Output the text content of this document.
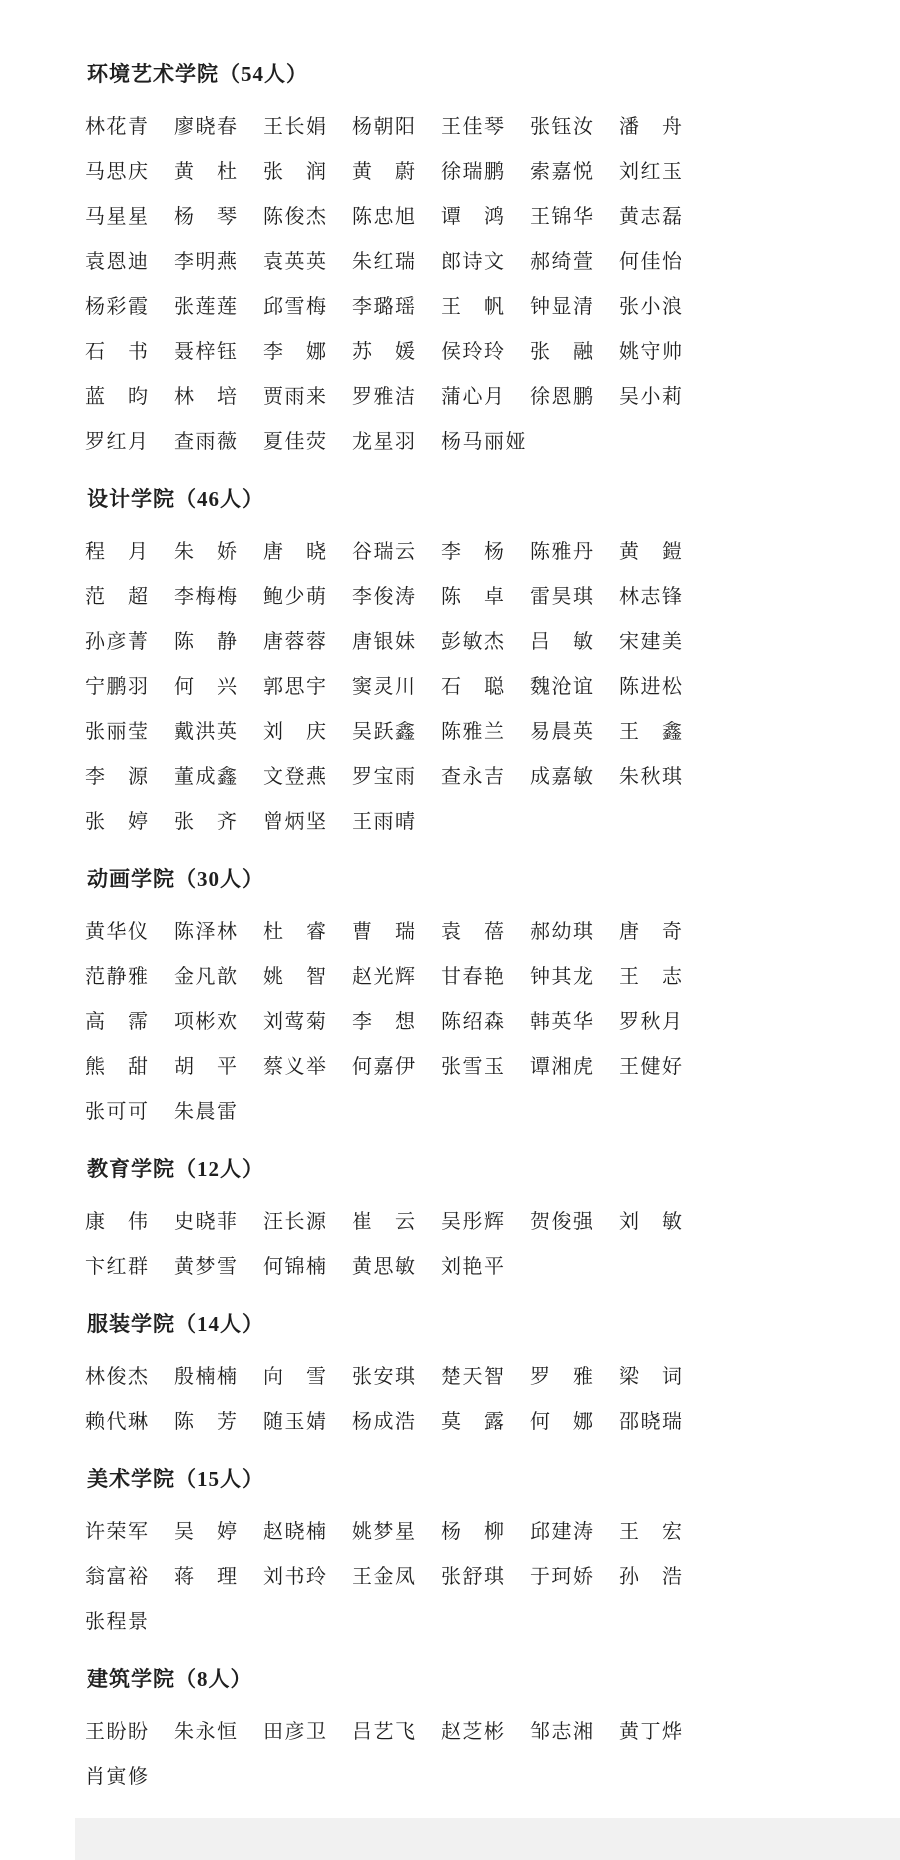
环境艺术学院（54人）
林花青	廖晓春	王长娟	杨朝阳	王佳琴	张钰汝	潘　舟
马思庆	黄　杜	张　润	黄　蔚	徐瑞鹏	索嘉悦	刘红玉
马星星	杨　琴	陈俊杰	陈忠旭	谭　鸿	王锦华	黄志磊
袁恩迪	李明燕	袁英英	朱红瑞	郎诗文	郝绮萱	何佳怡
杨彩霞	张莲莲	邱雪梅	李璐瑶	王　帆	钟显清	张小浪
石　书	聂梓钰	李　娜	苏　媛	侯玲玲	张　融	姚守帅
蓝　昀	林　培	贾雨来	罗雅洁	蒲心月	徐恩鹏	吴小莉
罗红月	查雨薇	夏佳荧	龙星羽	杨马丽娅
设计学院（46人）
程　月	朱　娇	唐　晓	谷瑞云	李　杨	陈雅丹	黄　鎧
范　超	李梅梅	鲍少萌	李俊涛	陈　卓	雷昊琪	林志锋
孙彦菁	陈　静	唐蓉蓉	唐银妹	彭敏杰	吕　敏	宋建美
宁鹏羽	何　兴	郭思宇	窦灵川	石　聪	魏沧谊	陈进松
张丽莹	戴洪英	刘　庆	吴跃鑫	陈雅兰	易晨英	王　鑫
李　源	董成鑫	文登燕	罗宝雨	查永吉	成嘉敏	朱秋琪
张　婷	张　齐	曾炳坚	王雨晴
动画学院（30人）
黄华仪	陈泽林	杜　睿	曹　瑞	袁　蓓	郝幼琪	唐　奇
范静雅	金凡歆	姚　智	赵光辉	甘春艳	钟其龙	王　志
高　霈	项彬欢	刘莺菊	李　想	陈绍森	韩英华	罗秋月
熊　甜	胡　平	蔡义举	何嘉伊	张雪玉	谭湘虎	王健好
张可可	朱晨雷
教育学院（12人）
康　伟	史晓菲	汪长源	崔　云	吴彤辉	贺俊强	刘　敏
卞红群	黄梦雪	何锦楠	黄思敏	刘艳平
服装学院（14人）
林俊杰	殷楠楠	向　雪	张安琪	楚天智	罗　雅	梁　词
赖代琳	陈　芳	随玉婧	杨成浩	莫　露	何　娜	邵晓瑞
美术学院（15人）
许荣军	吴　婷	赵晓楠	姚梦星	杨　柳	邱建涛	王　宏
翁富裕	蒋　理	刘书玲	王金凤	张舒琪	于珂娇	孙　浩
张程景
建筑学院（8人）
王盼盼	朱永恒	田彦卫	吕艺飞	赵芝彬	邹志湘	黄丁烨
肖寅修
